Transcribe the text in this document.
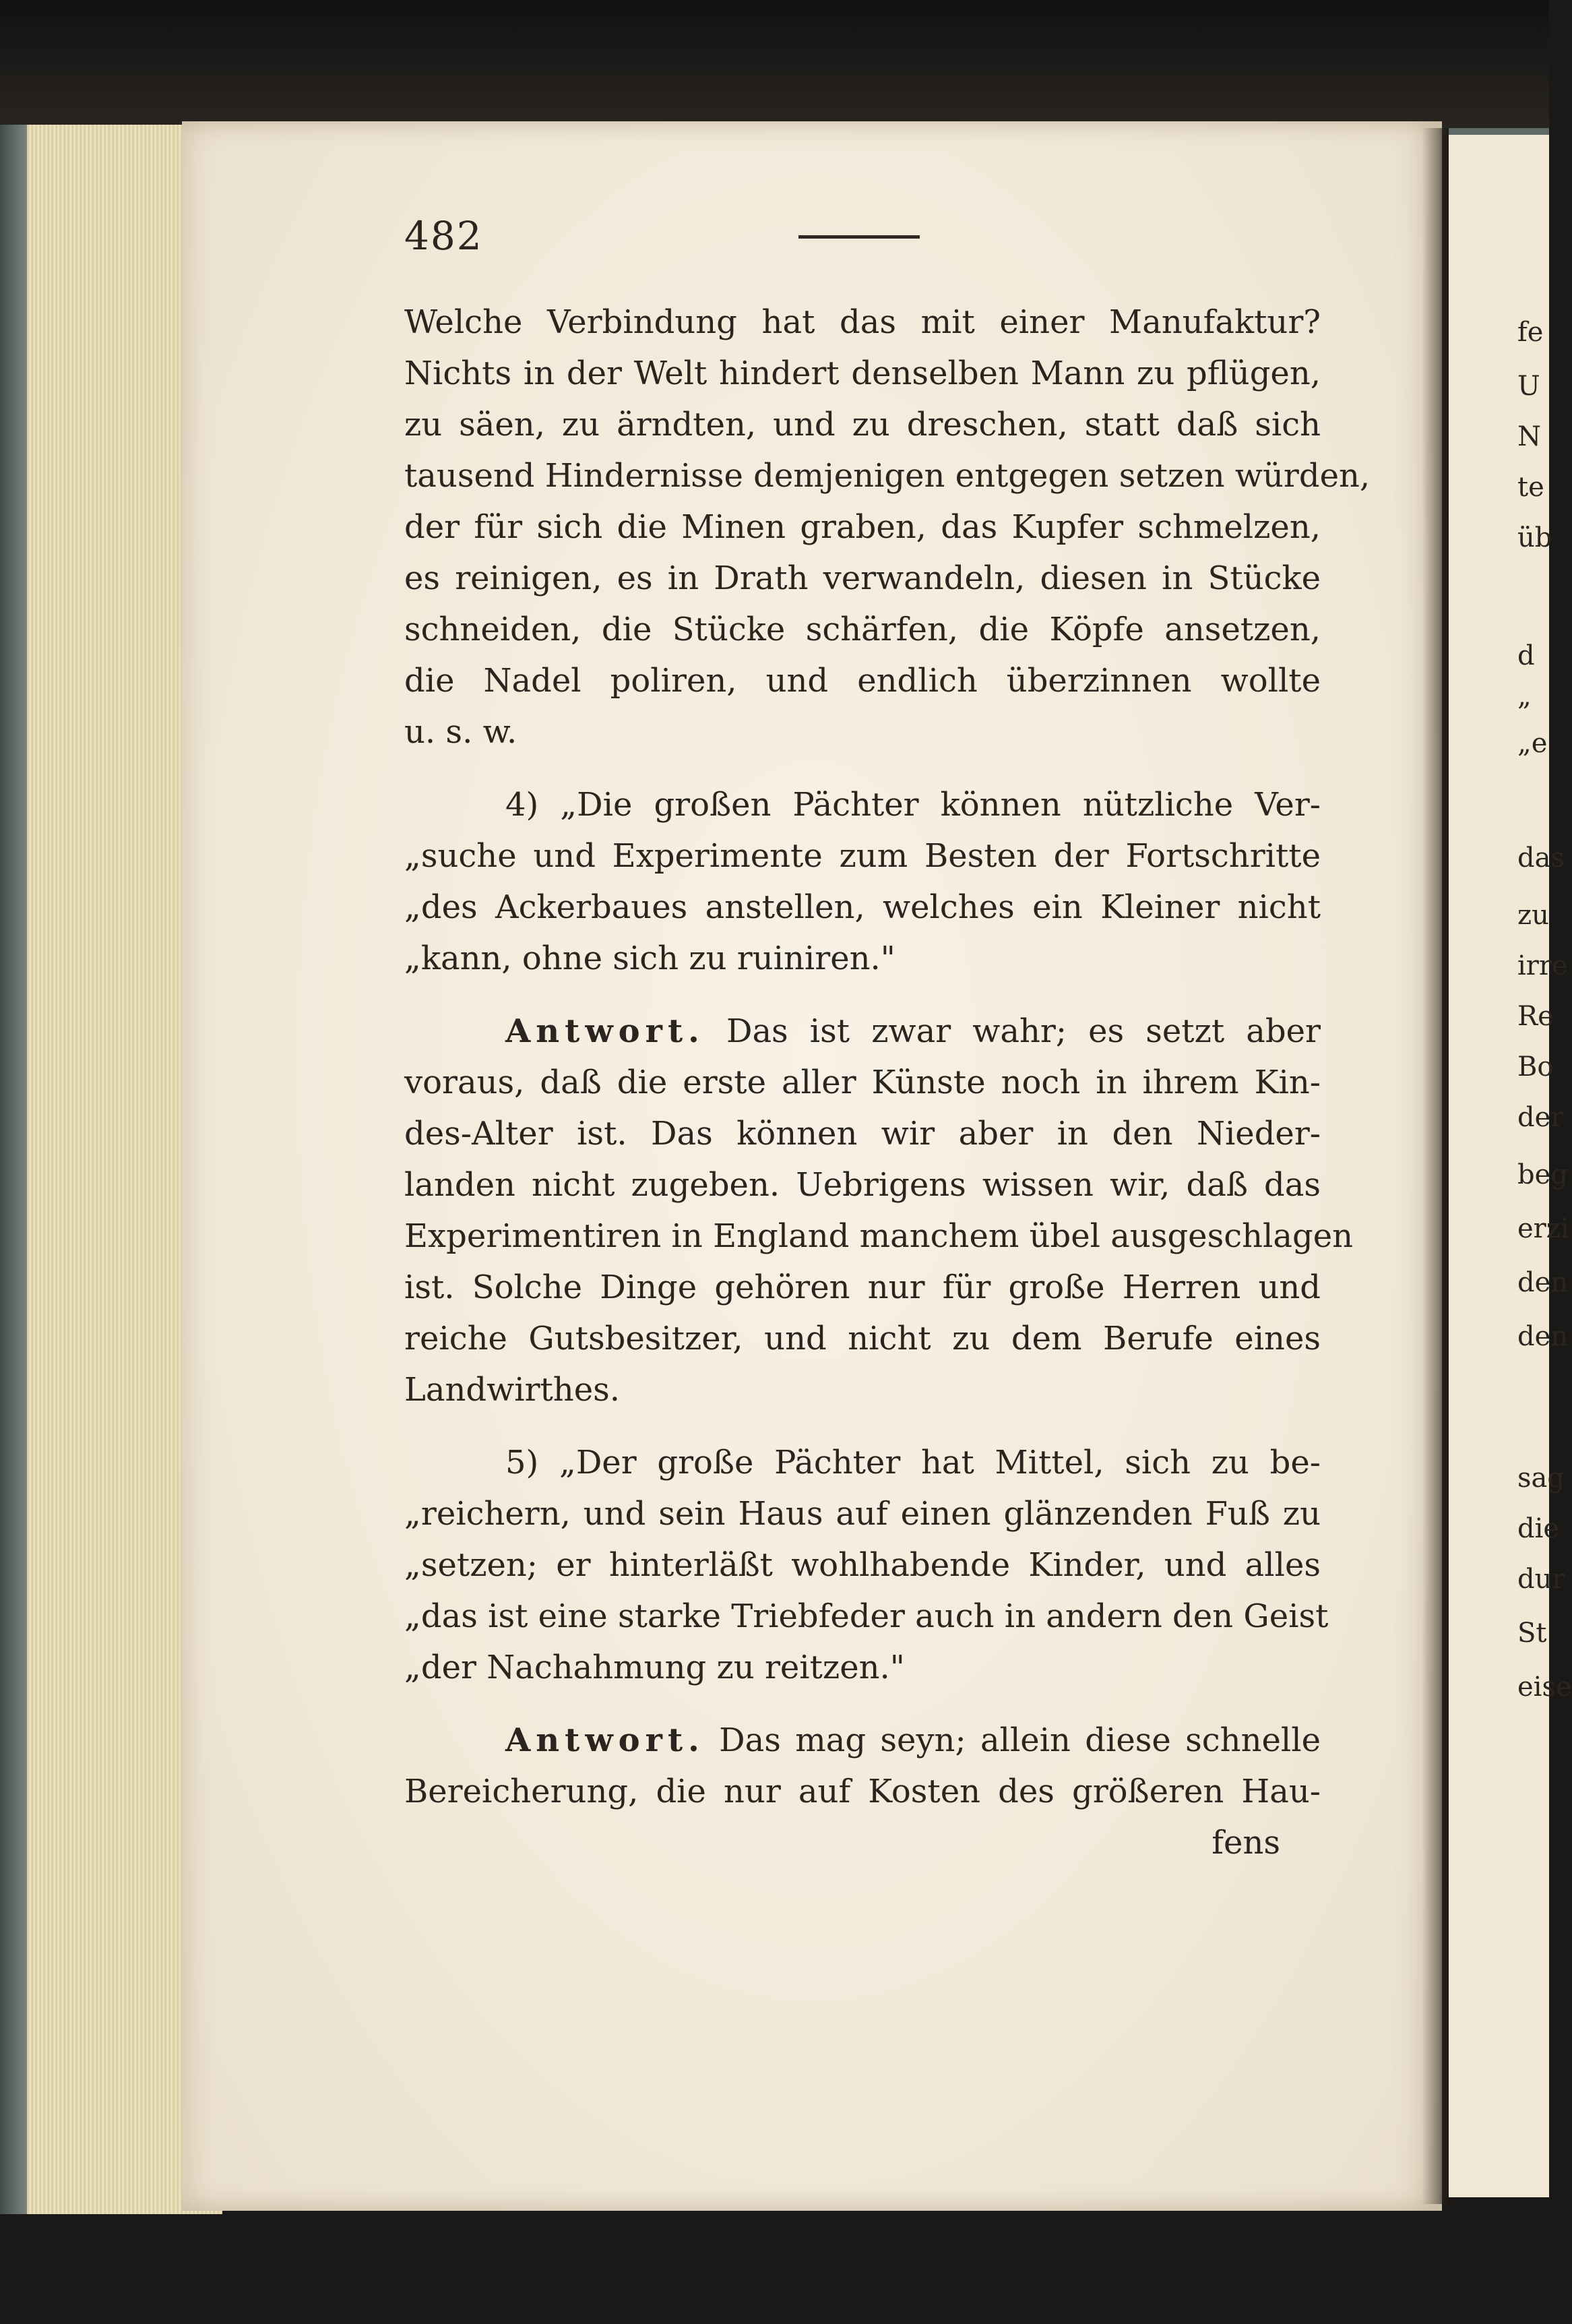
482
Welche Verbindung hat das mit einer Manufaktur?
Nichts in der Welt hindert denselben Mann zu pflügen,
zu säen, zu ärndten, und zu dreschen, statt daß sich
tausend Hindernisse demjenigen entgegen setzen würden,
der für sich die Minen graben, das Kupfer schmelzen,
es reinigen, es in Drath verwandeln, diesen in Stücke
schneiden, die Stücke schärfen, die Köpfe ansetzen,
die Nadel poliren, und endlich überzinnen wollte
u. s. w.
4) „Die großen Pächter können nützliche Ver-
„suche und Experimente zum Besten der Fortschritte
„des Ackerbaues anstellen, welches ein Kleiner nicht
„kann, ohne sich zu ruiniren."
Antwort. Das ist zwar wahr; es setzt aber
voraus, daß die erste aller Künste noch in ihrem Kin-
des-Alter ist. Das können wir aber in den Nieder-
landen nicht zugeben. Uebrigens wissen wir, daß das
Experimentiren in England manchem übel ausgeschlagen
ist. Solche Dinge gehören nur für große Herren und
reiche Gutsbesitzer, und nicht zu dem Berufe eines
Landwirthes.
5) „Der große Pächter hat Mittel, sich zu be-
„reichern, und sein Haus auf einen glänzenden Fuß zu
„setzen; er hinterläßt wohlhabende Kinder, und alles
„das ist eine starke Triebfeder auch in andern den Geist
„der Nachahmung zu reitzen."
Antwort. Das mag seyn; allein diese schnelle
Bereicherung, die nur auf Kosten des größeren Hau-
fens
fe
U
N
te
üb
d
„
„e
das
zu
irre
Re
Bo
der
beg
erzi
den
den
sag
die
dur
St
eise
